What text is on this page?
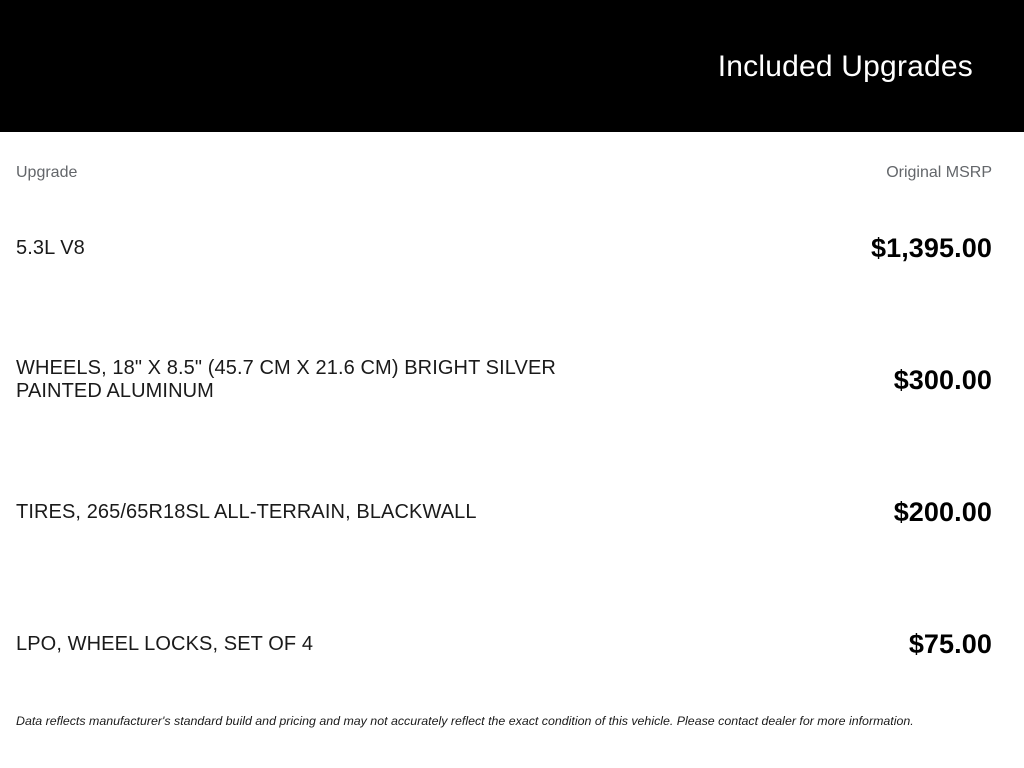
Included Upgrades
Upgrade	Original MSRP
5.3L V8	$1,395.00
WHEELS, 18" X 8.5" (45.7 CM X 21.6 CM) BRIGHT SILVER PAINTED ALUMINUM	$300.00
TIRES, 265/65R18SL ALL-TERRAIN, BLACKWALL	$200.00
LPO, WHEEL LOCKS, SET OF 4	$75.00

Data reflects manufacturer's standard build and pricing and may not accurately reflect the exact condition of this vehicle. Please contact dealer for more information.
